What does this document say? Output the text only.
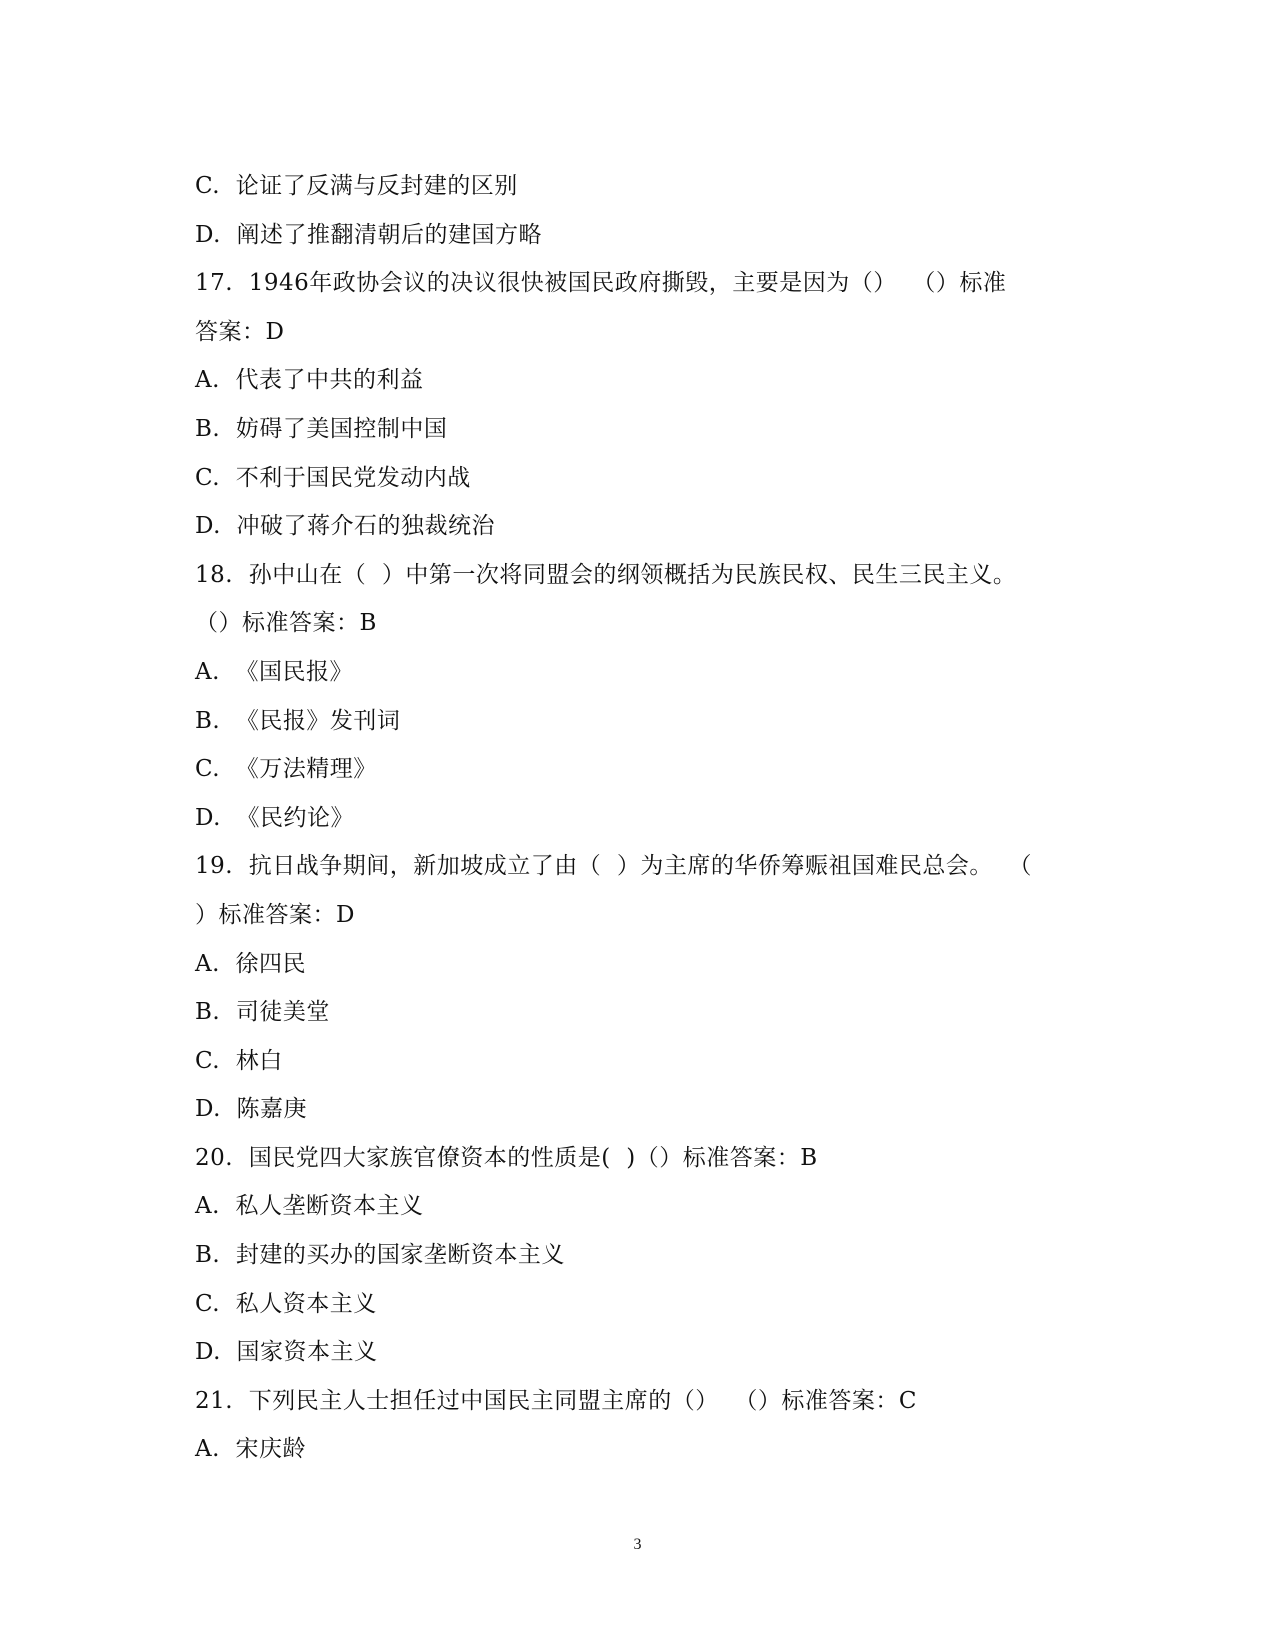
C.  论证了反满与反封建的区别
D.  阐述了推翻清朝后的建国方略
17.  1946年政协会议的决议很快被国民政府撕毁，主要是因为（）  （）标准
答案：D
A.  代表了中共的利益
B.  妨碍了美国控制中国
C.  不利于国民党发动内战
D.  冲破了蒋介石的独裁统治
18.  孙中山在（  ）中第一次将同盟会的纲领概括为民族民权、民生三民主义。
（）标准答案：B
A.  《国民报》
B.  《民报》发刊词
C.  《万法精理》
D.  《民约论》
19.  抗日战争期间，新加坡成立了由（  ）为主席的华侨筹赈祖国难民总会。  （
）标准答案：D
A.  徐四民
B.  司徒美堂
C.  林白
D.  陈嘉庚
20.  国民党四大家族官僚资本的性质是(  )（）标准答案：B
A.  私人垄断资本主义
B.  封建的买办的国家垄断资本主义
C.  私人资本主义
D.  国家资本主义
21.  下列民主人士担任过中国民主同盟主席的（）  （）标准答案：C
A.  宋庆龄
3
